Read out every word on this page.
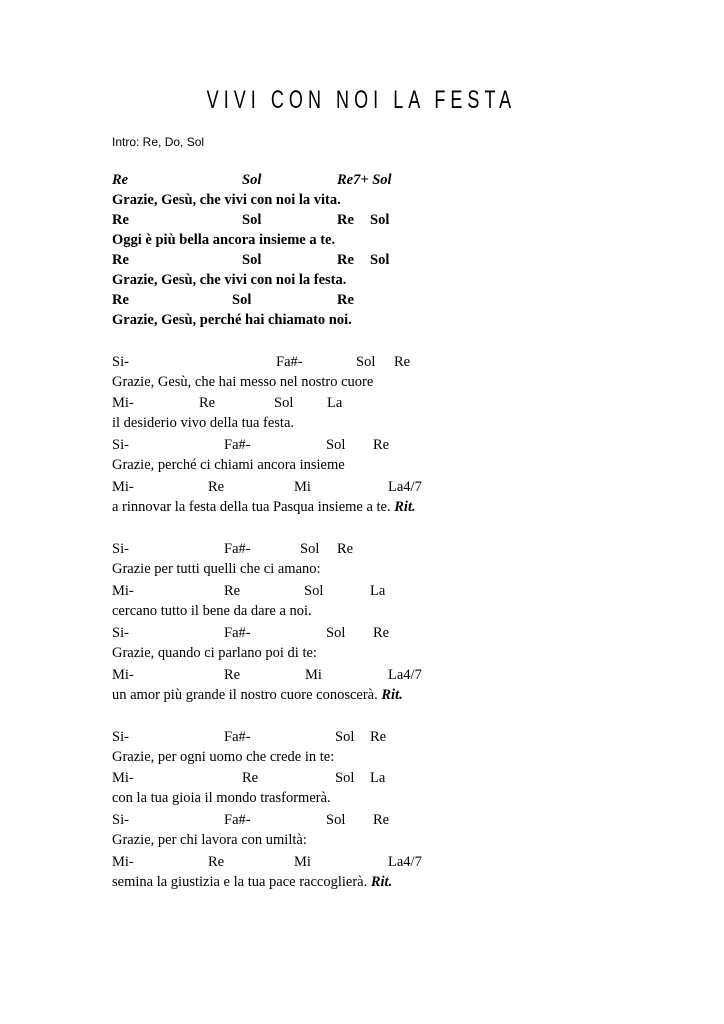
VIVI CON NOI LA FESTA
Intro: Re, Do, Sol
Re	Sol	Re7+ Sol
Grazie, Gesù, che vivi con noi la vita.
Re	Sol	Re Sol
Oggi è più bella ancora insieme a te.
Re	Sol	Re Sol
Grazie, Gesù, che vivi con noi la festa.
Re	Sol	Re
Grazie, Gesù, perché hai chiamato noi.
Si-	Fa#-	Sol Re
Grazie, Gesù, che hai messo nel nostro cuore
Mi-	Re	Sol La
il desiderio vivo della tua festa.
Si-	Fa#-	Sol Re
Grazie, perché ci chiami ancora insieme
Mi-	Re	Mi	La4/7
a rinnovar la festa della tua Pasqua insieme a te. Rit.
Si-	Fa#-	Sol Re
Grazie per tutti quelli che ci amano:
Mi-	Re	Sol	La
cercano tutto il bene da dare a noi.
Si-	Fa#-	Sol Re
Grazie, quando ci parlano poi di te:
Mi-	Re	Mi	La4/7
un amor più grande il nostro cuore conoscerà. Rit.
Si-	Fa#-	Sol Re
Grazie, per ogni uomo che crede in te:
Mi-	Re	Sol La
con la tua gioia il mondo trasformerà.
Si-	Fa#-	Sol Re
Grazie, per chi lavora con umiltà:
Mi-	Re	Mi	La4/7
semina la giustizia e la tua pace raccoglierà. Rit.
